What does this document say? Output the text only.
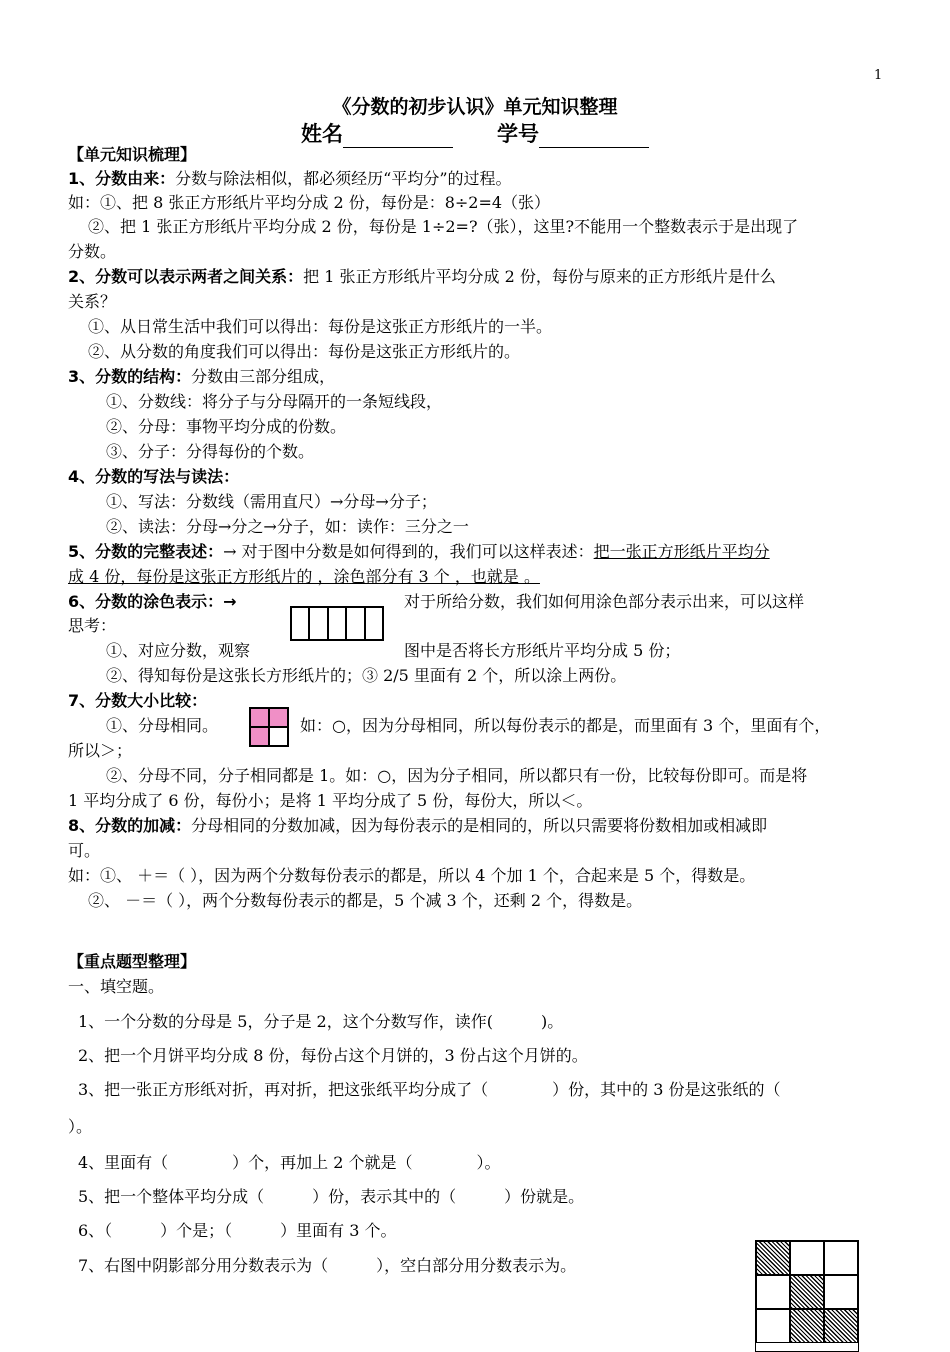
1
《分数的初步认识》单元知识整理
姓名	学号
【单元知识梳理】
1、分数由来：分数与除法相似，都必须经历“平均分”的过程。
如：①、把 8 张正方形纸片平均分成 2 份，每份是：8÷2=4（张）
②、把 1 张正方形纸片平均分成 2 份，每份是 1÷2=?（张），这里?不能用一个整数表示于是出现了
分数。
2、分数可以表示两者之间关系：把 1 张正方形纸片平均分成 2 份，每份与原来的正方形纸片是什么
关系？
①、从日常生活中我们可以得出：每份是这张正方形纸片的一半。
②、从分数的角度我们可以得出：每份是这张正方形纸片的。
3、分数的结构：分数由三部分组成，
①、分数线：将分子与分母隔开的一条短线段，
②、分母：事物平均分成的份数。
③、分子：分得每份的个数。
4、分数的写法与读法：
①、写法：分数线（需用直尺）→分母→分子；
②、读法：分母→分之→分子，如：读作：三分之一
5、分数的完整表述：→ 对于图中分数是如何得到的，我们可以这样表述：把一张正方形纸片平均分
成 4 份，每份是这张正方形纸片的 ，涂色部分有 3 个 ，也就是 。
6、分数的涂色表示：→	对于所给分数，我们如何用涂色部分表示出来，可以这样
思考：
①、对应分数，观察	图中是否将长方形纸片平均分成 5 份；
②、得知每份是这张长方形纸片的；③ 2/5 里面有 2 个，所以涂上两份。
7、分数大小比较：
①、分母相同。	如：○，因为分母相同，所以每份表示的都是，而里面有 3 个，里面有个，
所以＞；
②、分母不同，分子相同都是 1。如：○，因为分子相同，所以都只有一份，比较每份即可。而是将
1 平均分成了 6 份，每份小；是将 1 平均分成了 5 份，每份大，所以＜。
8、分数的加减：分母相同的分数加减，因为每份表示的是相同的，所以只需要将份数相加或相减即
可。
如：①、 ＋＝（ ），因为两个分数每份表示的都是，所以 4 个加 1 个，合起来是 5 个，得数是。
②、 －＝（ ），两个分数每份表示的都是，5 个减 3 个，还剩 2 个，得数是。
【重点题型整理】
一、填空题。
1、一个分数的分母是 5，分子是 2，这个分数写作，读作(　　　)。
2、把一个月饼平均分成 8 份，每份占这个月饼的，3 份占这个月饼的。
3、把一张正方形纸对折，再对折，把这张纸平均分成了（　　　　）份，其中的 3 份是这张纸的（
）。
4、里面有（　　　　）个，再加上 2 个就是（　　　　）。
5、把一个整体平均分成（　　　）份，表示其中的（　　　）份就是。
6、（　　　）个是；（　　　）里面有 3 个。
7、右图中阴影部分用分数表示为（　　　），空白部分用分数表示为。
